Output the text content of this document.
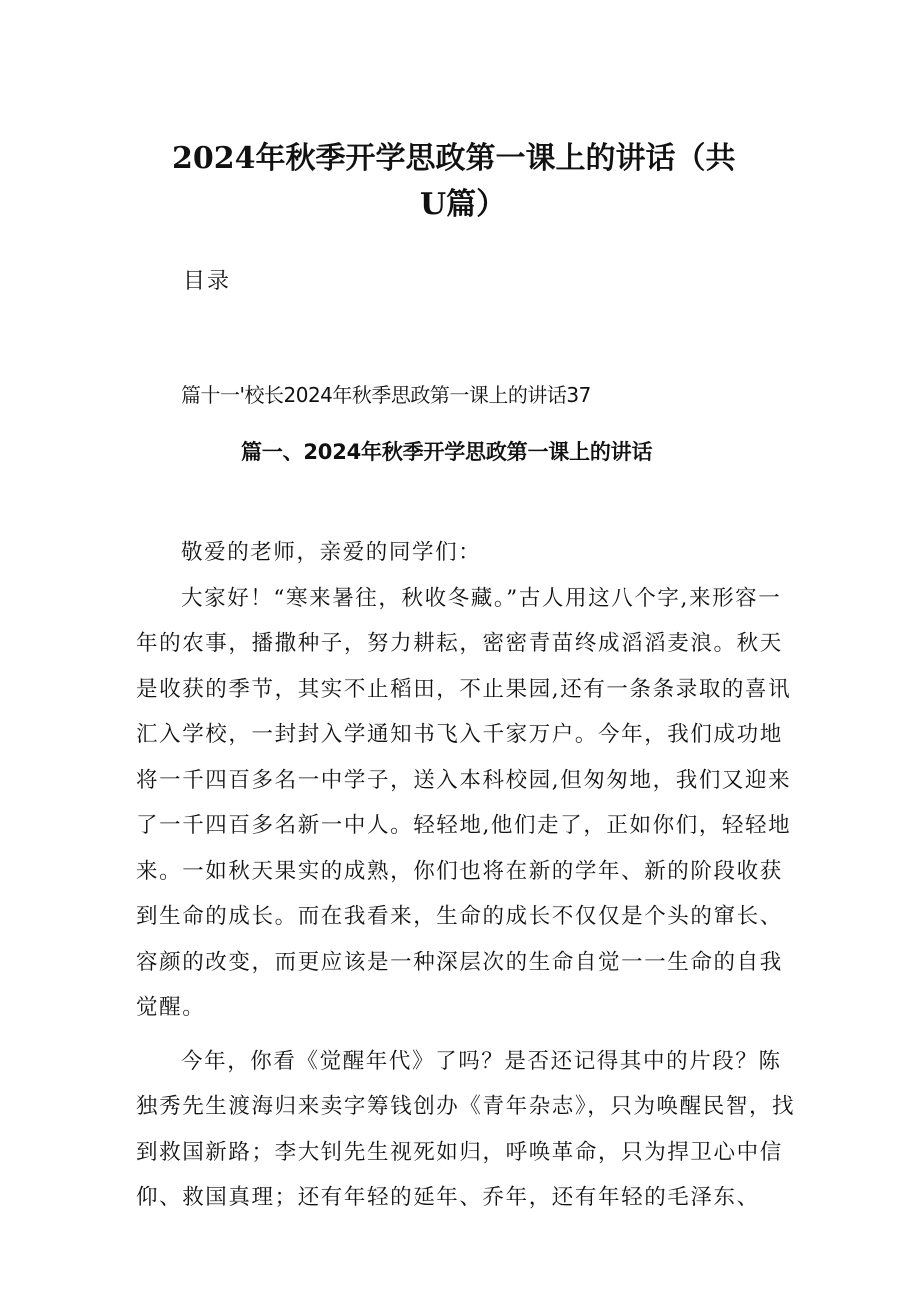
2024年秋季开学思政第一课上的讲话（共
U篇）
目录
篇十一'校长2024年秋季思政第一课上的讲话37
篇一、2024年秋季开学思政第一课上的讲话

敬爱的老师，亲爱的同学们：

大家好！“寒来暑往，秋收冬藏。”古人用这八个字,来形容一年的农事，播撒种子，努力耕耘，密密青苗终成滔滔麦浪。秋天是收获的季节，其实不止稻田，不止果园,还有一条条录取的喜讯汇入学校，一封封入学通知书飞入千家万户。今年，我们成功地将一千四百多名一中学子，送入本科校园,但匆匆地，我们又迎来了一千四百多名新一中人。轻轻地,他们走了，正如你们，轻轻地来。一如秋天果实的成熟，你们也将在新的学年、新的阶段收获到生命的成长。而在我看来，生命的成长不仅仅是个头的窜长、容颜的改变，而更应该是一种深层次的生命自觉一一生命的自我觉醒。

今年，你看《觉醒年代》了吗？是否还记得其中的片段？陈独秀先生渡海归来卖字筹钱创办《青年杂志》，只为唤醒民智，找到救国新路；李大钊先生视死如归，呼唤革命，只为捍卫心中信仰、救国真理；还有年轻的延年、乔年，还有年轻的毛泽东、
